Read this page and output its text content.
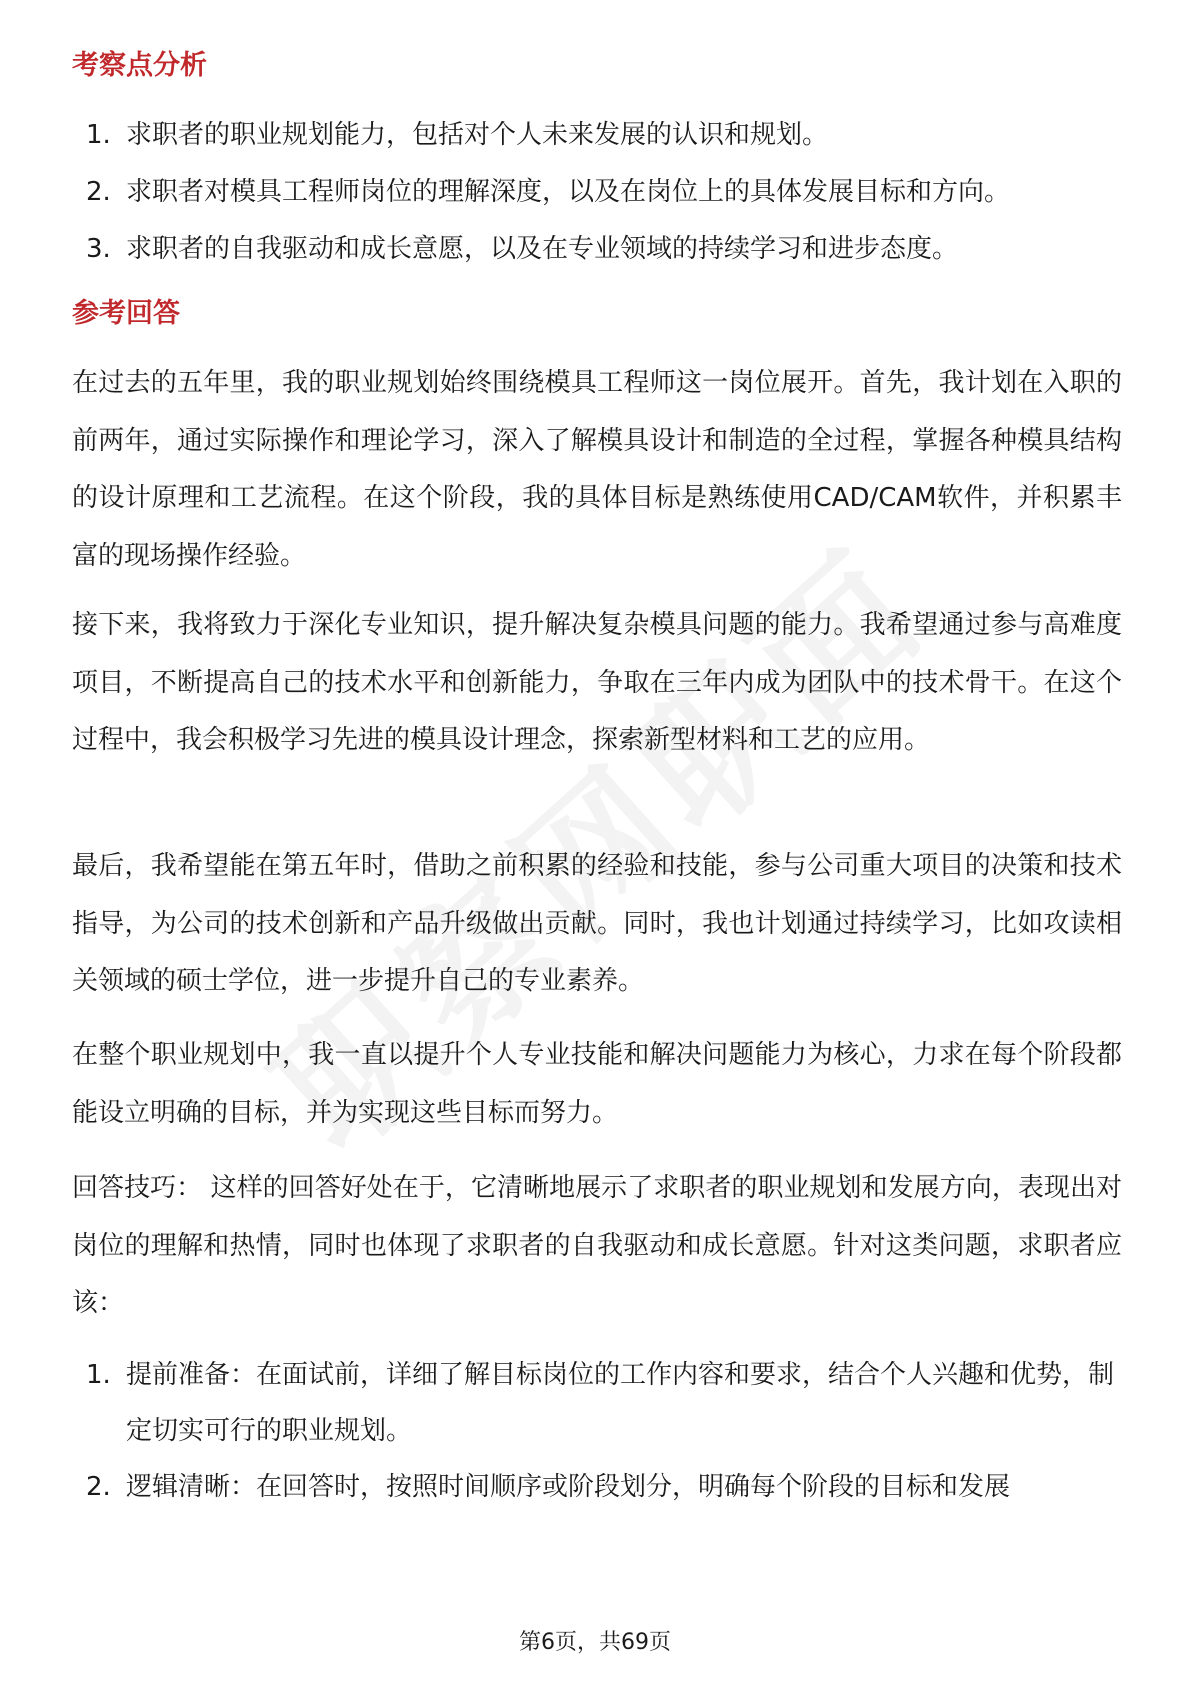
考察点分析
1. 求职者的职业规划能力，包括对个人未来发展的认识和规划。
2. 求职者对模具工程师岗位的理解深度，以及在岗位上的具体发展目标和方向。
3. 求职者的自我驱动和成长意愿，以及在专业领域的持续学习和进步态度。
参考回答

在过去的五年里，我的职业规划始终围绕模具工程师这一岗位展开。首先，我计划在入职的前两年，通过实际操作和理论学习，深入了解模具设计和制造的全过程，掌握各种模具结构的设计原理和工艺流程。在这个阶段，我的具体目标是熟练使用CAD/CAM软件，并积累丰富的现场操作经验。

接下来，我将致力于深化专业知识，提升解决复杂模具问题的能力。我希望通过参与高难度项目，不断提高自己的技术水平和创新能力，争取在三年内成为团队中的技术骨干。在这个过程中，我会积极学习先进的模具设计理念，探索新型材料和工艺的应用。

最后，我希望能在第五年时，借助之前积累的经验和技能，参与公司重大项目的决策和技术指导，为公司的技术创新和产品升级做出贡献。同时，我也计划通过持续学习，比如攻读相关领域的硕士学位，进一步提升自己的专业素养。

在整个职业规划中，我一直以提升个人专业技能和解决问题能力为核心，力求在每个阶段都能设立明确的目标，并为实现这些目标而努力。

回答技巧： 这样的回答好处在于，它清晰地展示了求职者的职业规划和发展方向，表现出对岗位的理解和热情，同时也体现了求职者的自我驱动和成长意愿。针对这类问题，求职者应该：

1. 提前准备：在面试前，详细了解目标岗位的工作内容和要求，结合个人兴趣和优势，制定切实可行的职业规划。
2. 逻辑清晰：在回答时，按照时间顺序或阶段划分，明确每个阶段的目标和发展
第6页，共69页
